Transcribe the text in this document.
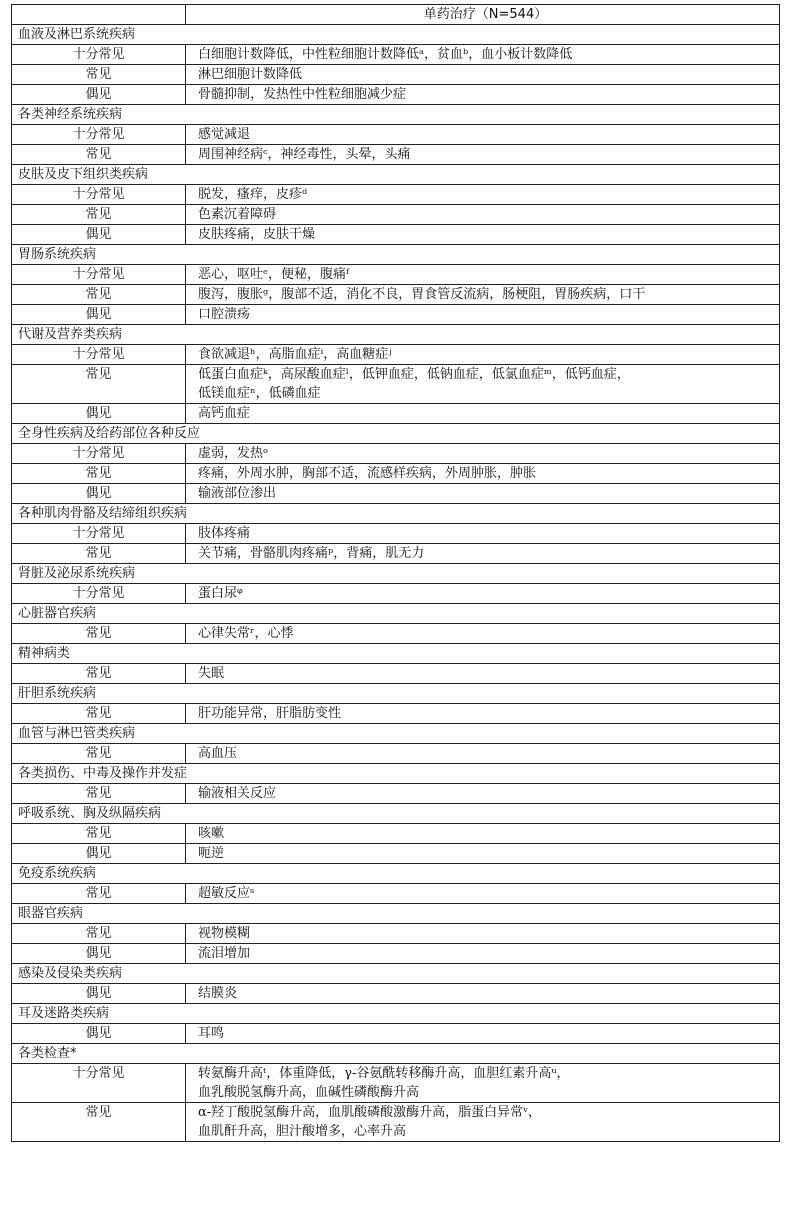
	单药治疗（N=544）
血液及淋巴系统疾病	
十分常见	白细胞计数降低，中性粒细胞计数降低ᵃ，贫血ᵇ，血小板计数降低
常见	淋巴细胞计数降低
偶见	骨髓抑制，发热性中性粒细胞减少症
各类神经系统疾病	
十分常见	感觉减退
常见	周围神经病ᶜ，神经毒性，头晕，头痛
皮肤及皮下组织类疾病	
十分常见	脱发，瘙痒，皮疹ᵈ
常见	色素沉着障碍
偶见	皮肤疼痛，皮肤干燥
胃肠系统疾病	
十分常见	恶心，呕吐ᵉ，便秘，腹痛ᶠ
常见	腹泻，腹胀ᵍ，腹部不适，消化不良，胃食管反流病，肠梗阻，胃肠疾病，口干
偶见	口腔溃疡
代谢及营养类疾病	
十分常见	食欲减退ʰ，高脂血症ⁱ，高血糖症ʲ
常见	低蛋白血症ᵏ，高尿酸血症ˡ，低钾血症，低钠血症，低氯血症ᵐ，低钙血症，
低镁血症ⁿ，低磷血症
偶见	高钙血症
全身性疾病及给药部位各种反应	
十分常见	虚弱，发热ᵒ
常见	疼痛，外周水肿，胸部不适，流感样疾病，外周肿胀，肿胀
偶见	输液部位渗出
各种肌肉骨骼及结缔组织疾病	
十分常见	肢体疼痛
常见	关节痛，骨骼肌肉疼痛ᵖ，背痛，肌无力
肾脏及泌尿系统疾病	
十分常见	蛋白尿ᵠ
心脏器官疾病	
常见	心律失常ʳ，心悸
精神病类	
常见	失眠
肝胆系统疾病	
常见	肝功能异常，肝脂肪变性
血管与淋巴管类疾病	
常见	高血压
各类损伤、中毒及操作并发症	
常见	输液相关反应
呼吸系统、胸及纵隔疾病	
常见	咳嗽
偶见	呃逆
免疫系统疾病	
常见	超敏反应ˢ
眼器官疾病	
常见	视物模糊
偶见	流泪增加
感染及侵染类疾病	
偶见	结膜炎
耳及迷路类疾病	
偶见	耳鸣
各类检查*	
十分常见	转氨酶升高ᵗ，体重降低，γ-谷氨酰转移酶升高，血胆红素升高ᵘ，
血乳酸脱氢酶升高，血碱性磷酸酶升高
常见	α-羟丁酸脱氢酶升高，血肌酸磷酸激酶升高，脂蛋白异常ᵛ，
血肌酐升高，胆汁酸增多，心率升高
